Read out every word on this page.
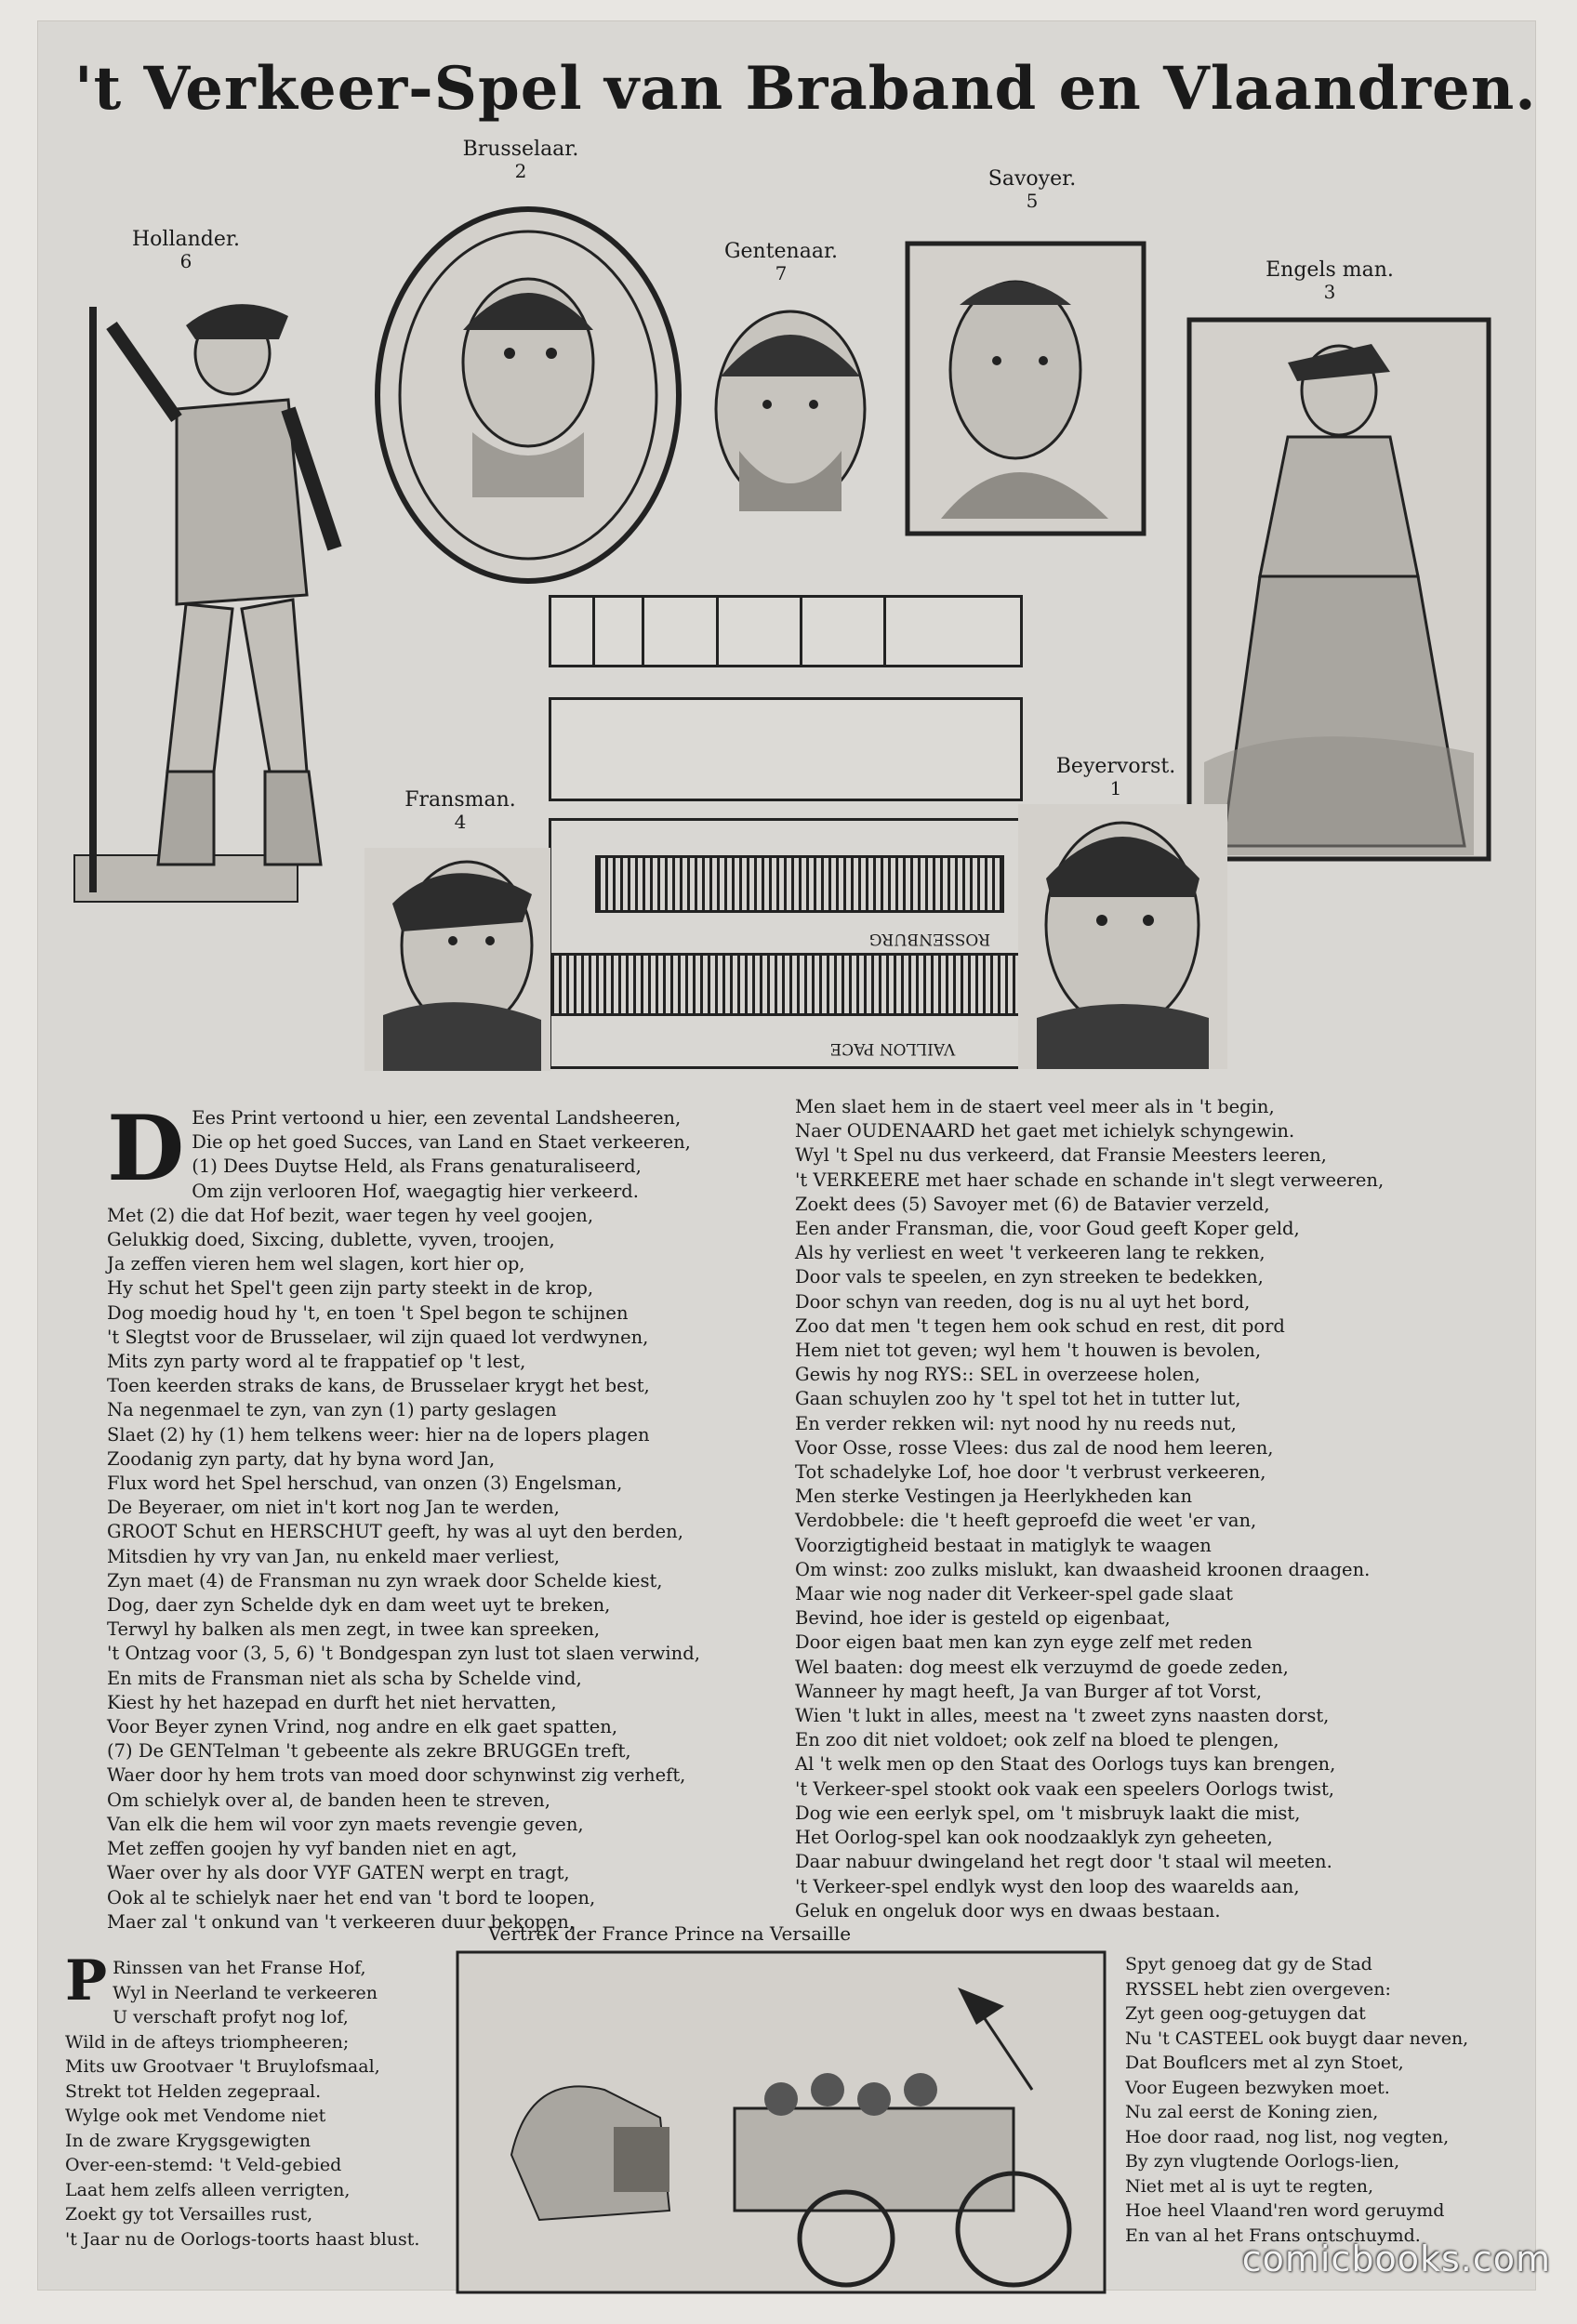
't Verkeer-Spel van Braband en Vlaandren.
Hollander.
6
Brusselaar.
2
Gentenaar.
7
Savoyer.
5
Engels man.
3
Fransman.
4
Beyervorst.
1
ROSSENBURG
VAILLON PACE
D Ees Print vertoond u hier, een zevental Landsheeren,
Die op het goed Succes, van Land en Staet verkeeren,
(1) Dees Duytse Held, als Frans genaturaliseerd,
Om zijn verlooren Hof, waegagtig hier verkeerd.
Met (2) die dat Hof bezit, waer tegen hy veel goojen,
Gelukkig doed, Sixcing, dublette, vyven, troojen,
Ja zeffen vieren hem wel slagen, kort hier op,
Hy schut het Spel't geen zijn party steekt in de krop,
Dog moedig houd hy 't, en toen 't Spel begon te schijnen
't Slegtst voor de Brusselaer, wil zijn quaed lot verdwynen,
Mits zyn party word al te frappatief op 't lest,
Toen keerden straks de kans, de Brusselaer krygt het best,
Na negenmael te zyn, van zyn (1) party geslagen
Slaet (2) hy (1) hem telkens weer: hier na de lopers plagen
Zoodanig zyn party, dat hy byna word Jan,
Flux word het Spel herschud, van onzen (3) Engelsman,
De Beyeraer, om niet in't kort nog Jan te werden,
GROOT Schut en HERSCHUT geeft, hy was al uyt den berden,
Mitsdien hy vry van Jan, nu enkeld maer verliest,
Zyn maet (4) de Fransman nu zyn wraek door Schelde kiest,
Dog, daer zyn Schelde dyk en dam weet uyt te breken,
Terwyl hy balken als men zegt, in twee kan spreeken,
't Ontzag voor (3, 5, 6) 't Bondgespan zyn lust tot slaen verwind,
En mits de Fransman niet als scha by Schelde vind,
Kiest hy het hazepad en durft het niet hervatten,
Voor Beyer zynen Vrind, nog andre en elk gaet spatten,
(7) De GENTelman 't gebeente als zekre BRUGGEn treft,
Waer door hy hem trots van moed door schynwinst zig verheft,
Om schielyk over al, de banden heen te streven,
Van elk die hem wil voor zyn maets revengie geven,
Met zeffen goojen hy vyf banden niet en agt,
Waer over hy als door VYF GATEN werpt en tragt,
Ook al te schielyk naer het end van 't bord te loopen,
Maer zal 't onkund van 't verkeeren duur bekopen,
Men slaet hem in de staert veel meer als in 't begin,
Naer OUDENAARD het gaet met ichielyk schyngewin.
Wyl 't Spel nu dus verkeerd, dat Fransie Meesters leeren,
't VERKEERE met haer schade en schande in't slegt verweeren,
Zoekt dees (5) Savoyer met (6) de Batavier verzeld,
Een ander Fransman, die, voor Goud geeft Koper geld,
Als hy verliest en weet 't verkeeren lang te rekken,
Door vals te speelen, en zyn streeken te bedekken,
Door schyn van reeden, dog is nu al uyt het bord,
Zoo dat men 't tegen hem ook schud en rest, dit pord
Hem niet tot geven; wyl hem 't houwen is bevolen,
Gewis hy nog RYS:: SEL in overzeese holen,
Gaan schuylen zoo hy 't spel tot het in tutter lut,
En verder rekken wil: nyt nood hy nu reeds nut,
Voor Osse, rosse Vlees: dus zal de nood hem leeren,
Tot schadelyke Lof, hoe door 't verbrust verkeeren,
Men sterke Vestingen ja Heerlykheden kan
Verdobbele: die 't heeft geproefd die weet 'er van,
Voorzigtigheid bestaat in matiglyk te waagen
Om winst: zoo zulks mislukt, kan dwaasheid kroonen draagen.
Maar wie nog nader dit Verkeer-spel gade slaat
Bevind, hoe ider is gesteld op eigenbaat,
Door eigen baat men kan zyn eyge zelf met reden
Wel baaten: dog meest elk verzuymd de goede zeden,
Wanneer hy magt heeft, Ja van Burger af tot Vorst,
Wien 't lukt in alles, meest na 't zweet zyns naasten dorst,
En zoo dit niet voldoet; ook zelf na bloed te plengen,
Al 't welk men op den Staat des Oorlogs tuys kan brengen,
't Verkeer-spel stookt ook vaak een speelers Oorlogs twist,
Dog wie een eerlyk spel, om 't misbruyk laakt die mist,
Het Oorlog-spel kan ook noodzaaklyk zyn geheeten,
Daar nabuur dwingeland het regt door 't staal wil meeten.
't Verkeer-spel endlyk wyst den loop des waarelds aan,
Geluk en ongeluk door wys en dwaas bestaan.
P Rinssen van het Franse Hof,
Wyl in Neerland te verkeeren
U verschaft profyt nog lof,
Wild in de afteys triompheeren;
Mits uw Grootvaer 't Bruylofsmaal,
Strekt tot Helden zegepraal.
Wylge ook met Vendome niet
In de zware Krygsgewigten
Over-een-stemd: 't Veld-gebied
Laat hem zelfs alleen verrigten,
Zoekt gy tot Versailles rust,
't Jaar nu de Oorlogs-toorts haast blust.
Vertrek der France Prince na Versaille
Spyt genoeg dat gy de Stad
RYSSEL hebt zien overgeven:
Zyt geen oog-getuygen dat
Nu 't CASTEEL ook buygt daar neven,
Dat Bouflcers met al zyn Stoet,
Voor Eugeen bezwyken moet.
Nu zal eerst de Koning zien,
Hoe door raad, nog list, nog vegten,
By zyn vlugtende Oorlogs-lien,
Niet met al is uyt te regten,
Hoe heel Vlaand'ren word geruymd
En van al het Frans ontschuymd.
comicbooks.com
